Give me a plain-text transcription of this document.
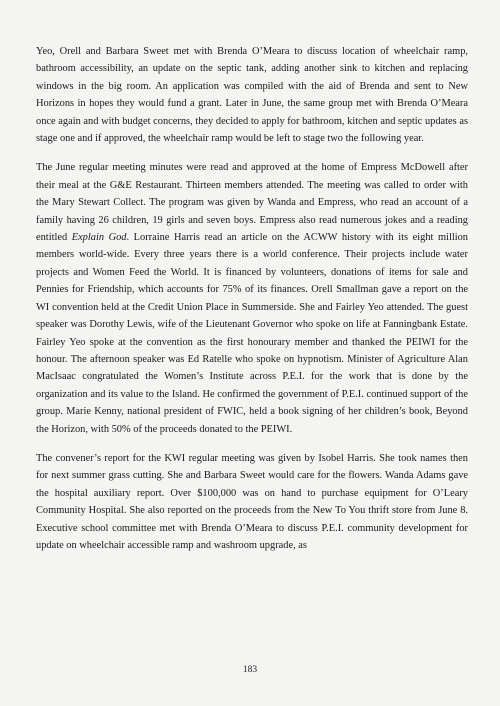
Yeo, Orell and Barbara Sweet met with Brenda O’Meara to discuss location of wheelchair ramp, bathroom accessibility, an update on the septic tank, adding another sink to kitchen and replacing windows in the big room. An application was compiled with the aid of Brenda and sent to New Horizons in hopes they would fund a grant. Later in June, the same group met with Brenda O’Meara once again and with budget concerns, they decided to apply for bathroom, kitchen and septic updates as stage one and if approved, the wheelchair ramp would be left to stage two the following year.

The June regular meeting minutes were read and approved at the home of Empress McDowell after their meal at the G&E Restaurant. Thirteen members attended. The meeting was called to order with the Mary Stewart Collect. The program was given by Wanda and Empress, who read an account of a family having 26 children, 19 girls and seven boys. Empress also read numerous jokes and a reading entitled Explain God. Lorraine Harris read an article on the ACWW history with its eight million members world-wide. Every three years there is a world conference. Their projects include water projects and Women Feed the World. It is financed by volunteers, donations of items for sale and Pennies for Friendship, which accounts for 75% of its finances. Orell Smallman gave a report on the WI convention held at the Credit Union Place in Summerside. She and Fairley Yeo attended. The guest speaker was Dorothy Lewis, wife of the Lieutenant Governor who spoke on life at Fanningbank Estate. Fairley Yeo spoke at the convention as the first honourary member and thanked the PEIWI for the honour. The afternoon speaker was Ed Ratelle who spoke on hypnotism. Minister of Agriculture Alan MacIsaac congratulated the Women’s Institute across P.E.I. for the work that is done by the organization and its value to the Island. He confirmed the government of P.E.I. continued support of the group. Marie Kenny, national president of FWIC, held a book signing of her children’s book, Beyond the Horizon, with 50% of the proceeds donated to the PEIWI.

The convener’s report for the KWI regular meeting was given by Isobel Harris. She took names then for next summer grass cutting. She and Barbara Sweet would care for the flowers. Wanda Adams gave the hospital auxiliary report. Over $100,000 was on hand to purchase equipment for O’Leary Community Hospital. She also reported on the proceeds from the New To You thrift store from June 8. Executive school committee met with Brenda O’Meara to discuss P.E.I. community development for update on wheelchair accessible ramp and washroom upgrade, as

183
